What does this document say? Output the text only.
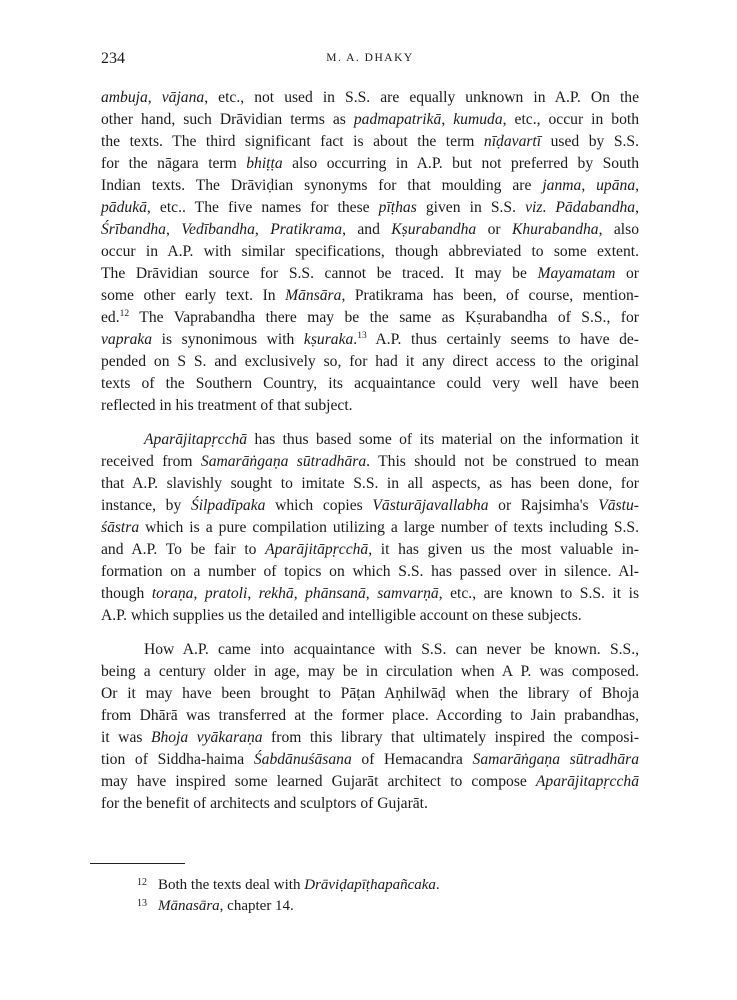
234	M. A. DHAKY
ambuja, vājana, etc., not used in S.S. are equally unknown in A.P. On the
other hand, such Drāvidian terms as padmapatrikā, kumuda, etc., occur in both
the texts. The third significant fact is about the term nīḍavartī used by S.S.
for the nāgara term bhiṭṭa also occurring in A.P. but not preferred by South
Indian texts. The Drāviḍian synonyms for that moulding are janma, upāna,
pādukā, etc.. The five names for these pīṭhas given in S.S. viz. Pādabandha,
Śrībandha, Vedībandha, Pratikrama, and Kṣurabandha or Khurabandha, also
occur in A.P. with similar specifications, though abbreviated to some extent.
The Drāvidian source for S.S. cannot be traced. It may be Mayamatam or
some other early text. In Mānsāra, Pratikrama has been, of course, mention-
ed.$^{12}$ The Vaprabandha there may be the same as Kṣurabandha of S.S., for
vapraka is synonimous with kṣuraka.$^{13}$ A.P. thus certainly seems to have de-
pended on S S. and exclusively so, for had it any direct access to the original
texts of the Southern Country, its acquaintance could very well have been
reflected in his treatment of that subject.
Aparājitapṛcchā has thus based some of its material on the information it
received from Samarāṅgaṇa sūtradhāra. This should not be construed to mean
that A.P. slavishly sought to imitate S.S. in all aspects, as has been done, for
instance, by Śilpadīpaka which copies Vāsturājavallabha or Rajsimha's Vāstu-
śāstra which is a pure compilation utilizing a large number of texts including S.S.
and A.P. To be fair to Aparājitāpṛcchā, it has given us the most valuable in-
formation on a number of topics on which S.S. has passed over in silence. Al-
though toraṇa, pratoli, rekhā, phānsanā, samvarṇā, etc., are known to S.S. it is
A.P. which supplies us the detailed and intelligible account on these subjects.
How A.P. came into acquaintance with S.S. can never be known. S.S.,
being a century older in age, may be in circulation when A P. was composed.
Or it may have been brought to Pāṭan Aṇhilwāḍ when the library of Bhoja
from Dhārā was transferred at the former place. According to Jain prabandhas,
it was Bhoja vyākaraṇa from this library that ultimately inspired the composi-
tion of Siddha-haima Śabdānuśāsana of Hemacandra Samarāṅgaṇa sūtradhāra
may have inspired some learned Gujarāt architect to compose Aparājitapṛcchā
for the benefit of architects and sculptors of Gujarāt.
12 Both the texts deal with Drāviḍapīṭhapañcaka.
13 Mānasāra, chapter 14.
